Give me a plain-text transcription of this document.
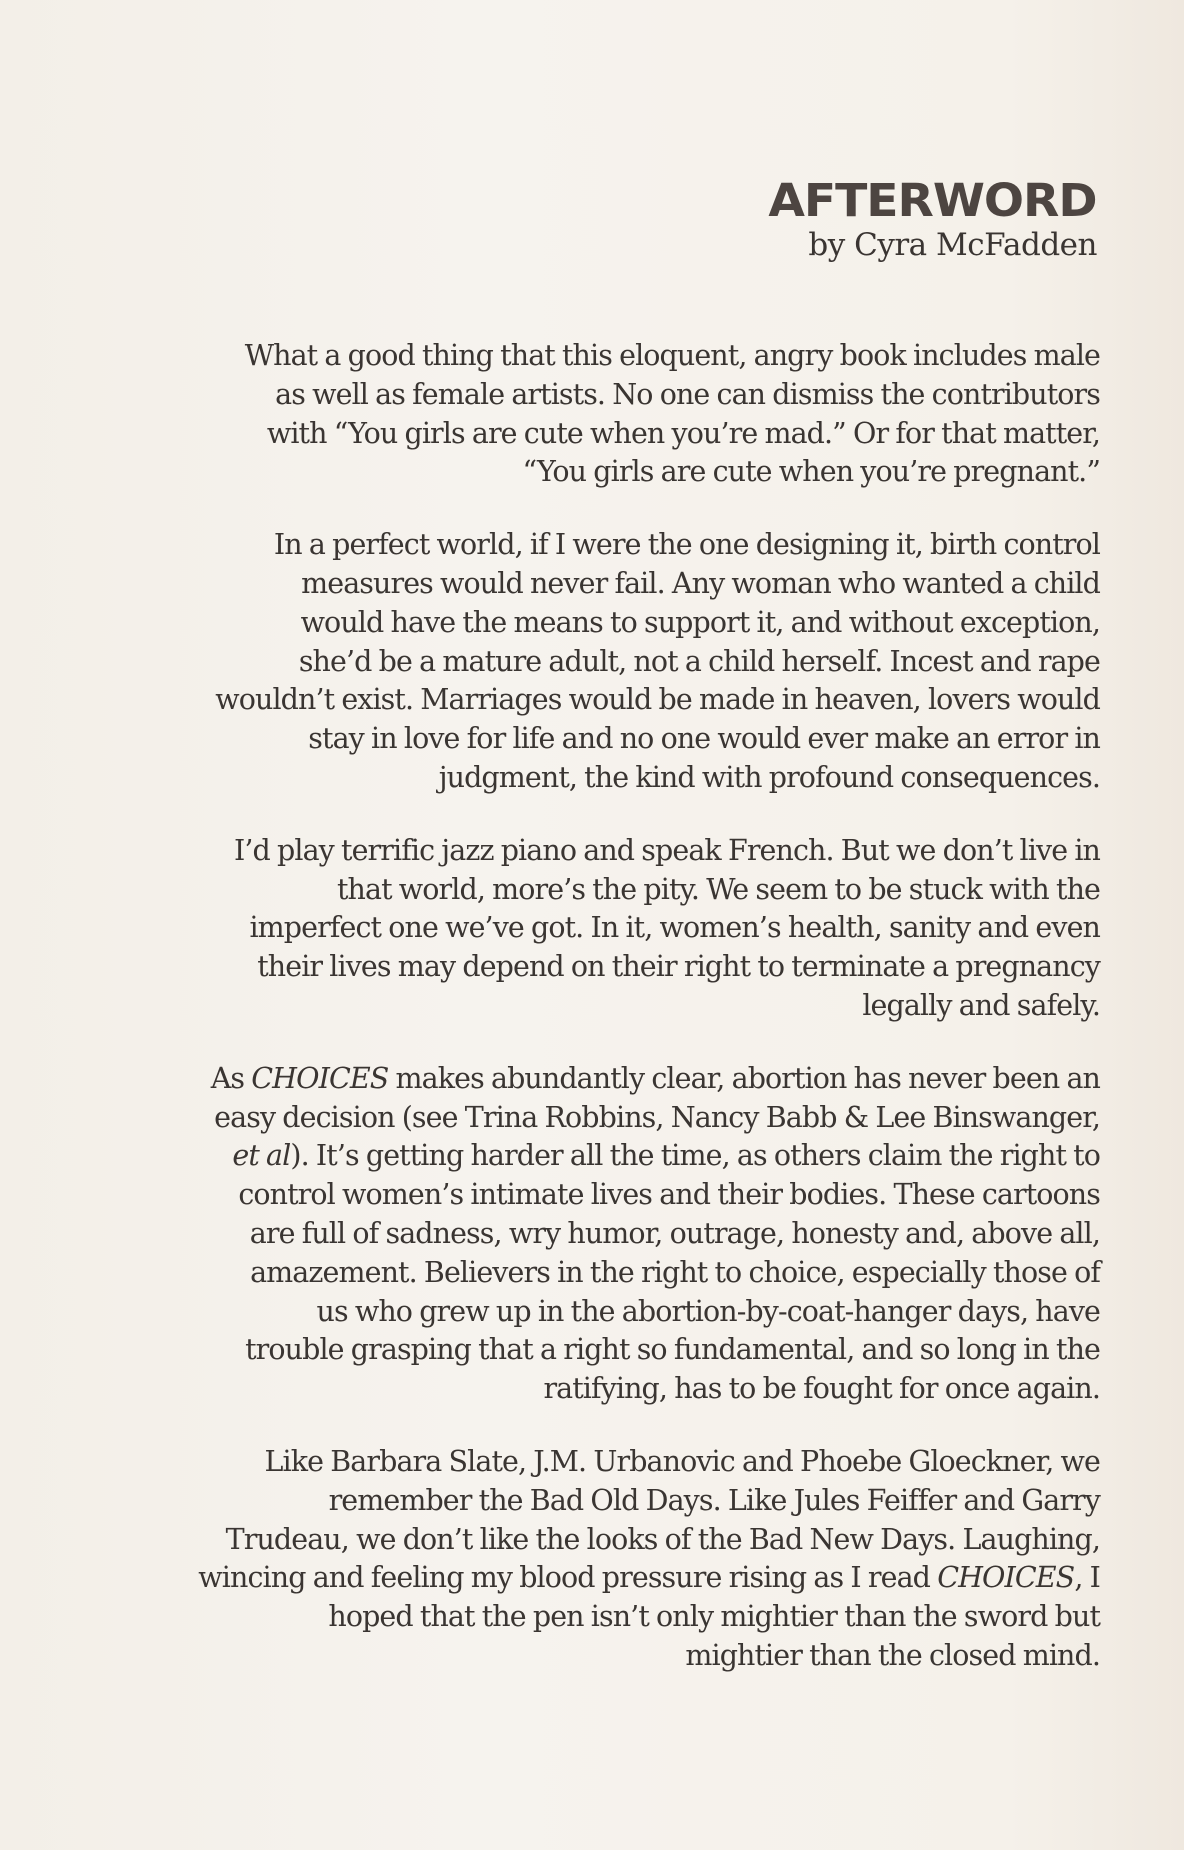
AFTERWORD
by Cyra McFadden
What a good thing that this eloquent, angry book includes male
as well as female artists. No one can dismiss the contributors
with “You girls are cute when you’re mad.” Or for that matter,
“You girls are cute when you’re pregnant.”
In a perfect world, if I were the one designing it, birth control
measures would never fail. Any woman who wanted a child
would have the means to support it, and without exception,
she’d be a mature adult, not a child herself. Incest and rape
wouldn’t exist. Marriages would be made in heaven, lovers would
stay in love for life and no one would ever make an error in
judgment, the kind with profound consequences.
I’d play terrific jazz piano and speak French. But we don’t live in
that world, more’s the pity. We seem to be stuck with the
imperfect one we’ve got. In it, women’s health, sanity and even
their lives may depend on their right to terminate a pregnancy
legally and safely.
As CHOICES makes abundantly clear, abortion has never been an
easy decision (see Trina Robbins, Nancy Babb & Lee Binswanger,
et al). It’s getting harder all the time, as others claim the right to
control women’s intimate lives and their bodies. These cartoons
are full of sadness, wry humor, outrage, honesty and, above all,
amazement. Believers in the right to choice, especially those of
us who grew up in the abortion-by-coat-hanger days, have
trouble grasping that a right so fundamental, and so long in the
ratifying, has to be fought for once again.
Like Barbara Slate, J.M. Urbanovic and Phoebe Gloeckner, we
remember the Bad Old Days. Like Jules Feiffer and Garry
Trudeau, we don’t like the looks of the Bad New Days. Laughing,
wincing and feeling my blood pressure rising as I read CHOICES, I
hoped that the pen isn’t only mightier than the sword but
mightier than the closed mind.
